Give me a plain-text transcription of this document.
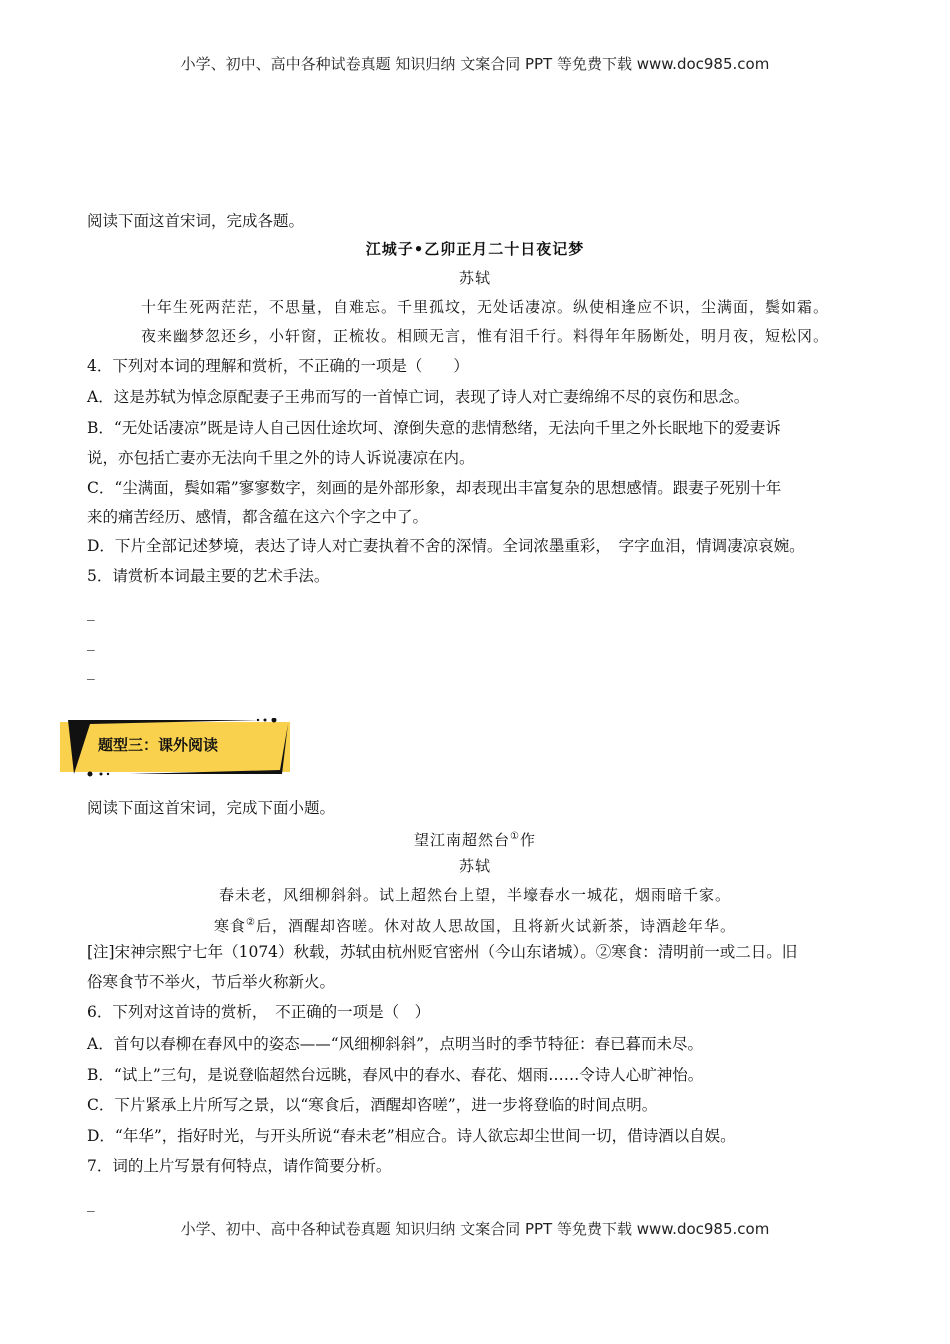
小学、初中、高中各种试卷真题 知识归纳 文案合同 PPT 等免费下载 www.doc985.com
阅读下面这首宋词，完成各题。
江城子•乙卯正月二十日夜记梦
苏轼
十年生死两茫茫，不思量，自难忘。千里孤坟，无处话凄凉。纵使相逢应不识，尘满面，鬓如霜。
夜来幽梦忽还乡，小轩窗，正梳妆。相顾无言，惟有泪千行。料得年年肠断处，明月夜，短松冈。
4．下列对本词的理解和赏析，不正确的一项是（　　）
A．这是苏轼为悼念原配妻子王弗而写的一首悼亡词，表现了诗人对亡妻绵绵不尽的哀伤和思念。
B．“无处话凄凉”既是诗人自己因仕途坎坷、潦倒失意的悲情愁绪，无法向千里之外长眠地下的爱妻诉
说，亦包括亡妻亦无法向千里之外的诗人诉说凄凉在内。
C．“尘满面，鬓如霜”寥寥数字，刻画的是外部形象，却表现出丰富复杂的思想感情。跟妻子死别十年
来的痛苦经历、感情，都含蕴在这六个字之中了。
D．下片全部记述梦境，表达了诗人对亡妻执着不舍的深情。全词浓墨重彩，　字字血泪，情调凄凉哀婉。
5．请赏析本词最主要的艺术手法。
_
_
_
题型三：课外阅读
阅读下面这首宋词，完成下面小题。
望江南超然台①作
苏轼
春未老，风细柳斜斜。试上超然台上望，半壕春水一城花，烟雨暗千家。
寒食②后，酒醒却咨嗟。休对故人思故国，且将新火试新茶，诗酒趁年华。
[注]宋神宗熙宁七年（1074）秋载，苏轼由杭州贬官密州（今山东诸城）。②寒食：清明前一或二日。旧
俗寒食节不举火，节后举火称新火。
6．下列对这首诗的赏析，　不正确的一项是（　）
A．首句以春柳在春风中的姿态——“风细柳斜斜”，点明当时的季节特征：春已暮而未尽。
B．“试上”三句，是说登临超然台远眺，春风中的春水、春花、烟雨……令诗人心旷神怡。
C．下片紧承上片所写之景，以“寒食后，酒醒却咨嗟”，进一步将登临的时间点明。
D．“年华”，指好时光，与开头所说“春未老”相应合。诗人欲忘却尘世间一切，借诗酒以自娱。
7．词的上片写景有何特点，请作简要分析。
_
小学、初中、高中各种试卷真题 知识归纳 文案合同 PPT 等免费下载 www.doc985.com
